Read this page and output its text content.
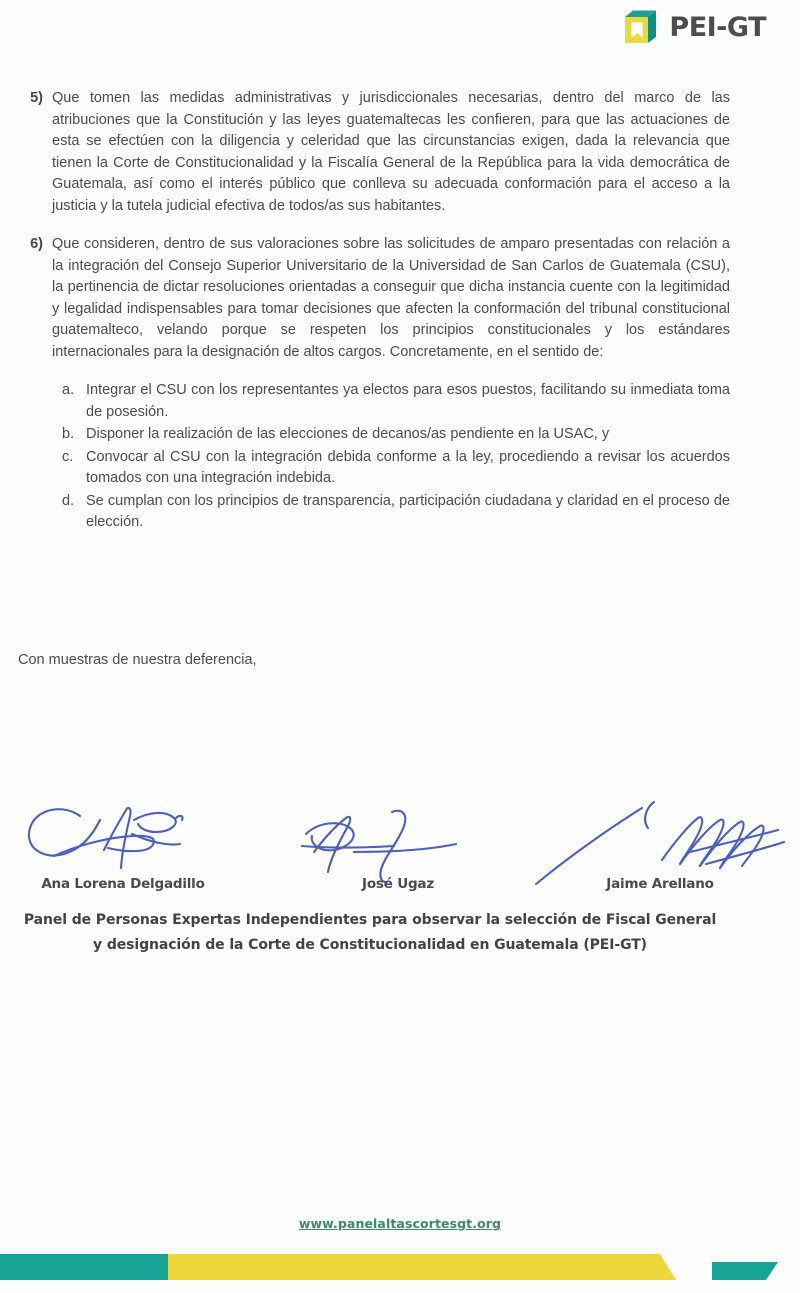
PEI-GT
5) Que tomen las medidas administrativas y jurisdiccionales necesarias, dentro del marco de las atribuciones que la Constitución y las leyes guatemaltecas les confieren, para que las actuaciones de esta se efectúen con la diligencia y celeridad que las circunstancias exigen, dada la relevancia que tienen la Corte de Constitucionalidad y la Fiscalía General de la República para la vida democrática de Guatemala, así como el interés público que conlleva su adecuada conformación para el acceso a la justicia y la tutela judicial efectiva de todos/as sus habitantes.
6) Que consideren, dentro de sus valoraciones sobre las solicitudes de amparo presentadas con relación a la integración del Consejo Superior Universitario de la Universidad de San Carlos de Guatemala (CSU), la pertinencia de dictar resoluciones orientadas a conseguir que dicha instancia cuente con la legitimidad y legalidad indispensables para tomar decisiones que afecten la conformación del tribunal constitucional guatemalteco, velando porque se respeten los principios constitucionales y los estándares internacionales para la designación de altos cargos. Concretamente, en el sentido de:
a. Integrar el CSU con los representantes ya electos para esos puestos, facilitando su inmediata toma de posesión.
b. Disponer la realización de las elecciones de decanos/as pendiente en la USAC, y
c. Convocar al CSU con la integración debida conforme a la ley, procediendo a revisar los acuerdos tomados con una integración indebida.
d. Se cumplan con los principios de transparencia, participación ciudadana y claridad en el proceso de elección.
Con muestras de nuestra deferencia,
Ana Lorena Delgadillo	José Ugaz	Jaime Arellano
Panel de Personas Expertas Independientes para observar la selección de Fiscal General y designación de la Corte de Constitucionalidad en Guatemala (PEI-GT)
www.panelaltascortesgt.org
